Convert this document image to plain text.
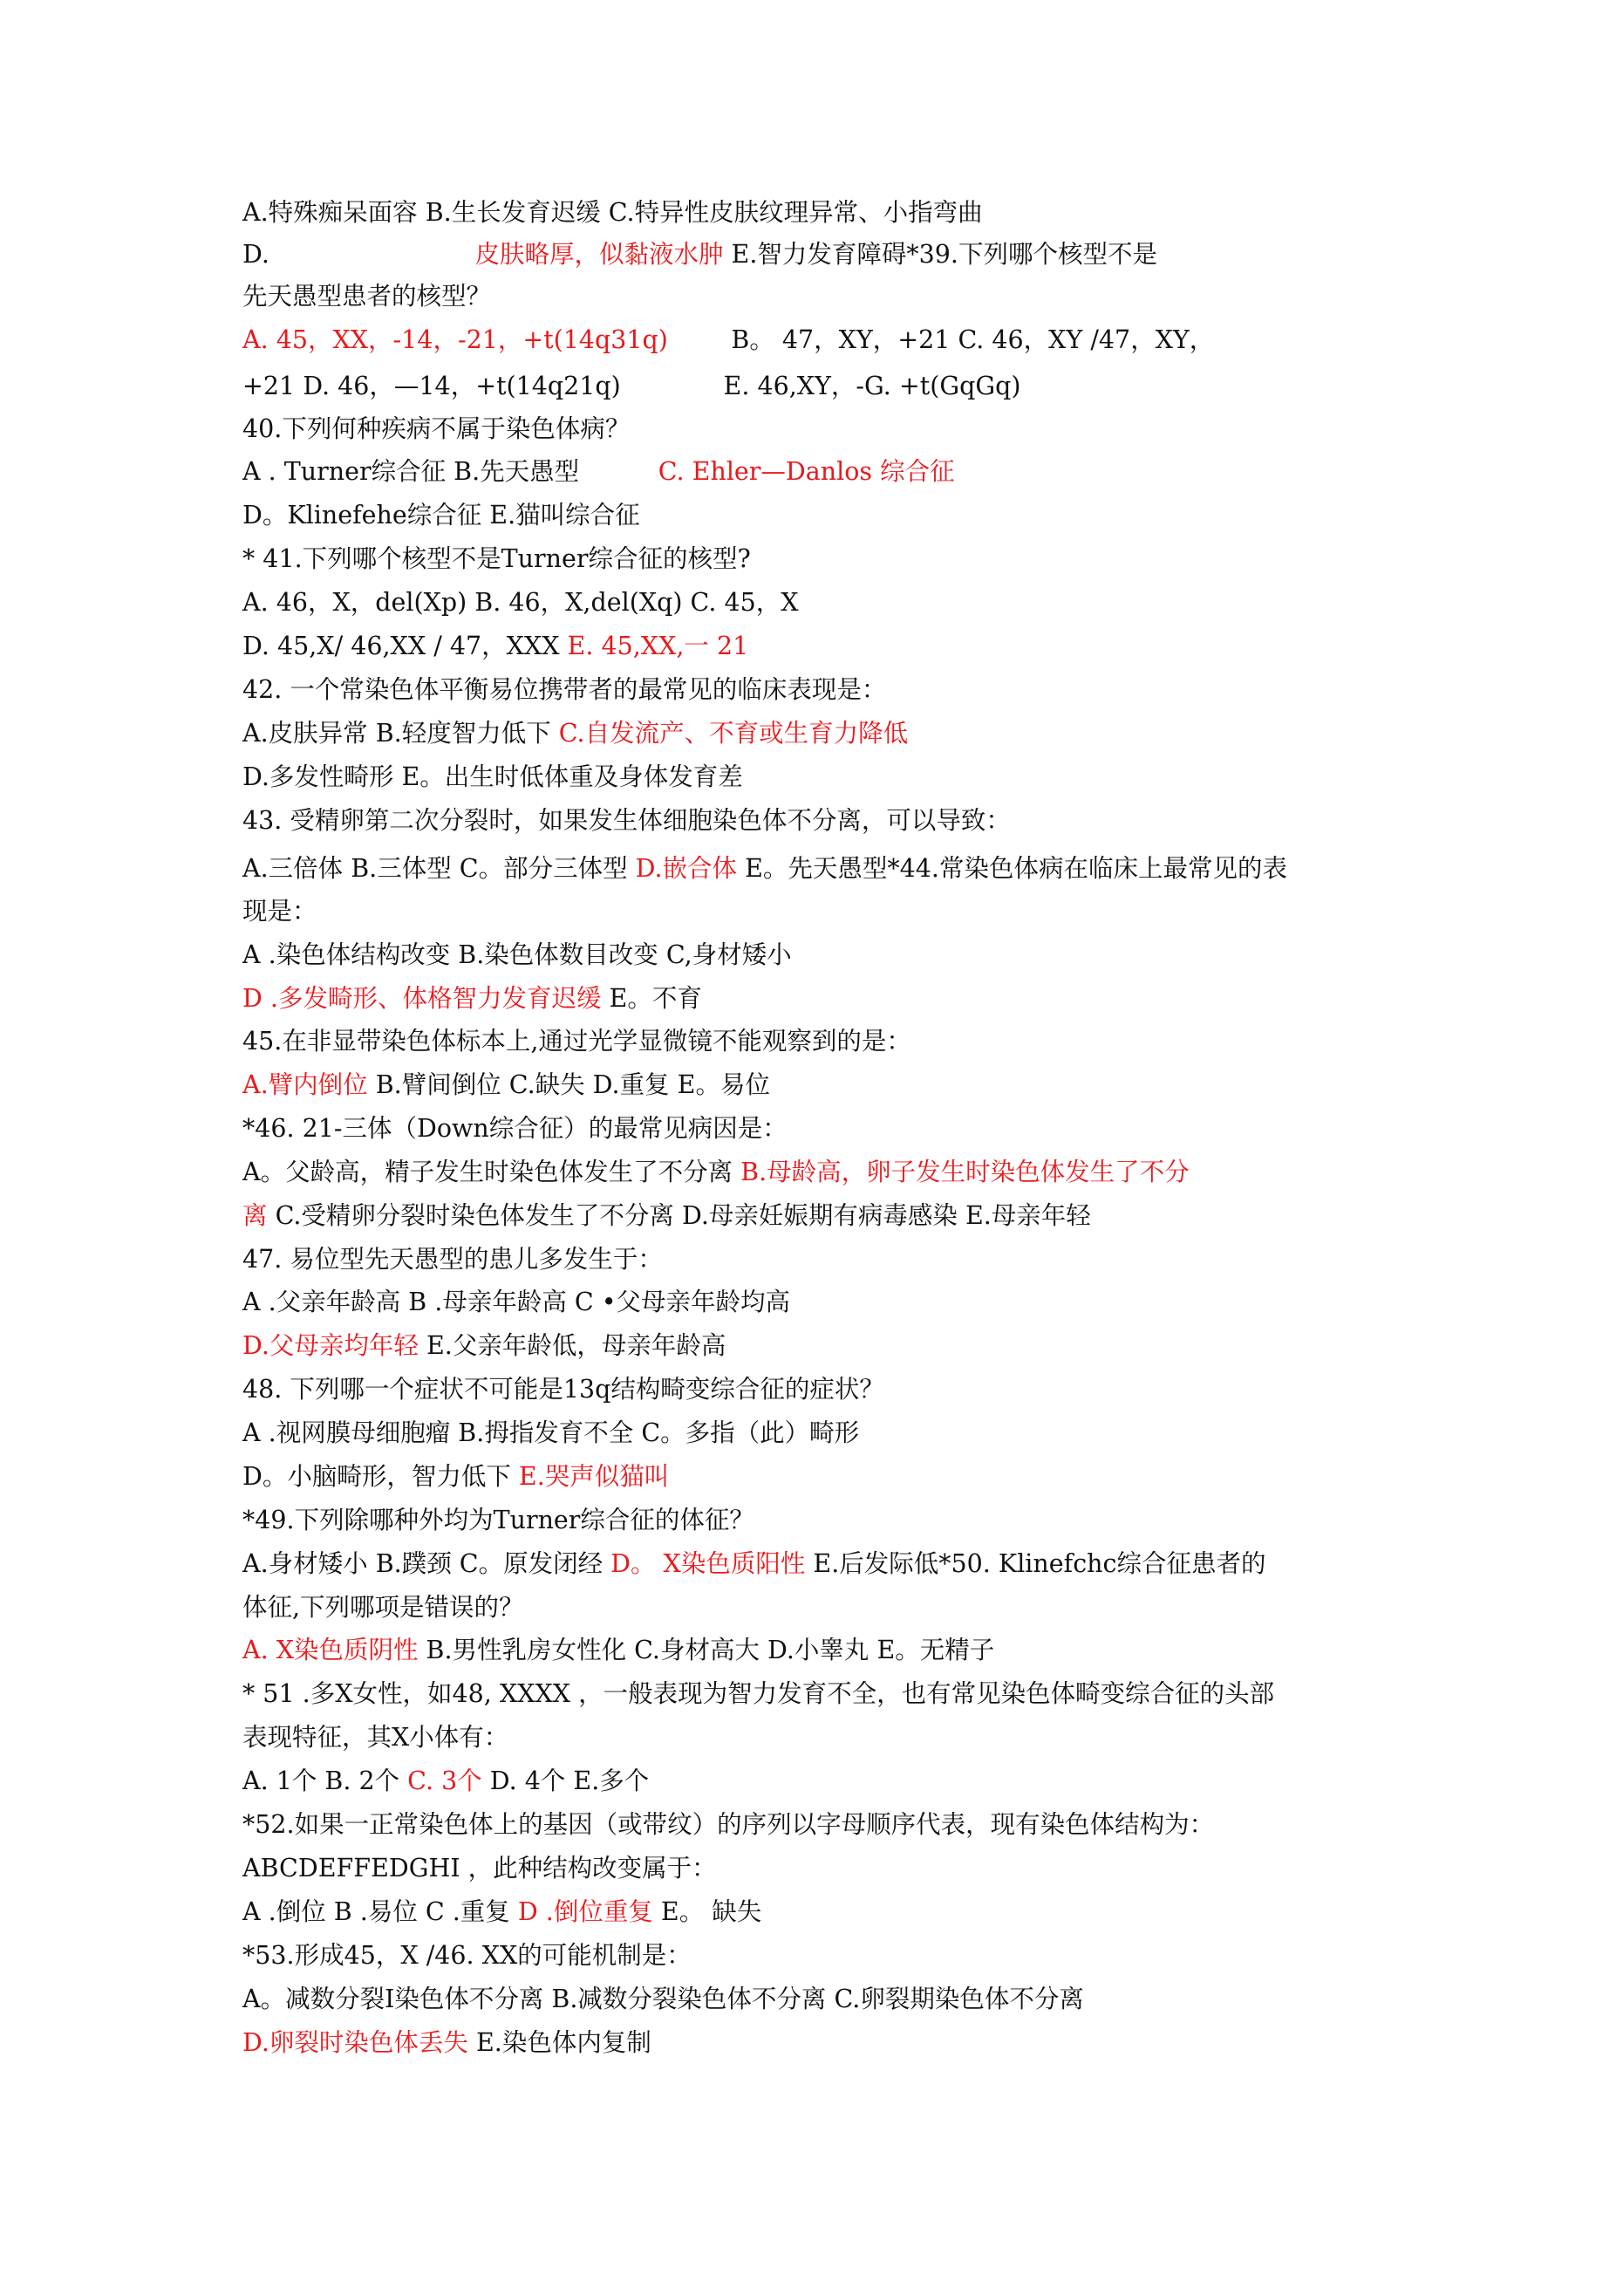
A.特殊痴呆面容 B.生长发育迟缓 C.特异性皮肤纹理异常、小指弯曲
D.	皮肤略厚，似黏液水肿 E.智力发育障碍*39.下列哪个核型不是
先天愚型患者的核型？
A. 45，XX，-14，-21，+t(14q31q)        B。 47，XY，+21 C. 46，XY /47，XY，
+21 D. 46，—14，+t(14q21q)             E. 46,XY，-G. +t(GqGq)
40.下列何种疾病不属于染色体病？
A . Turner综合征 B.先天愚型          C. Ehler—Danlos 综合征
D。Klinefehe综合征 E.猫叫综合征
* 41.下列哪个核型不是Turner综合征的核型?
A. 46，X，del(Xp) B. 46，X,del(Xq) C. 45，X
D. 45,X/ 46,XX / 47，XXX E. 45,XX,一 21
42. 一个常染色体平衡易位携带者的最常见的临床表现是：
A.皮肤异常 B.轻度智力低下 C.自发流产、不育或生育力降低
D.多发性畸形 E。出生时低体重及身体发育差
43. 受精卵第二次分裂时，如果发生体细胞染色体不分离，可以导致：
A.三倍体 B.三体型 C。部分三体型 D.嵌合体 E。先天愚型*44.常染色体病在临床上最常见的表
现是：
A .染色体结构改变 B.染色体数目改变 C,身材矮小
D .多发畸形、体格智力发育迟缓 E。不育
45.在非显带染色体标本上,通过光学显微镜不能观察到的是：
A.臂内倒位 B.臂间倒位 C.缺失 D.重复 E。易位
*46. 21-三体（Down综合征）的最常见病因是：
A。父龄高，精子发生时染色体发生了不分离 B.母龄高，卵子发生时染色体发生了不分
离 C.受精卵分裂时染色体发生了不分离 D.母亲妊娠期有病毒感染 E.母亲年轻
47. 易位型先天愚型的患儿多发生于：
A .父亲年龄高 B .母亲年龄高 C •父母亲年龄均高
D.父母亲均年轻 E.父亲年龄低，母亲年龄高
48. 下列哪一个症状不可能是13q结构畸变综合征的症状？
A .视网膜母细胞瘤 B.拇指发育不全 C。多指（此）畸形
D。小脑畸形，智力低下 E.哭声似猫叫
*49.下列除哪种外均为Turner综合征的体征？
A.身材矮小 B.蹼颈 C。原发闭经 D。 X染色质阳性 E.后发际低*50. Klinefchc综合征患者的
体征,下列哪项是错误的？
A. X染色质阴性 B.男性乳房女性化 C.身材高大 D.小睾丸 E。无精子
* 51 .多X女性，如48, XXXX ，一般表现为智力发育不全，也有常见染色体畸变综合征的头部
表现特征，其X小体有：
A. 1个 B. 2个 C. 3个 D. 4个 E.多个
*52.如果一正常染色体上的基因（或带纹）的序列以字母顺序代表，现有染色体结构为：
ABCDEFFEDGHI ，此种结构改变属于：
A .倒位 B .易位 C .重复 D .倒位重复 E。 缺失
*53.形成45，X /46. XX的可能机制是：
A。减数分裂I染色体不分离 B.减数分裂染色体不分离 C.卵裂期染色体不分离
D.卵裂时染色体丢失 E.染色体内复制
